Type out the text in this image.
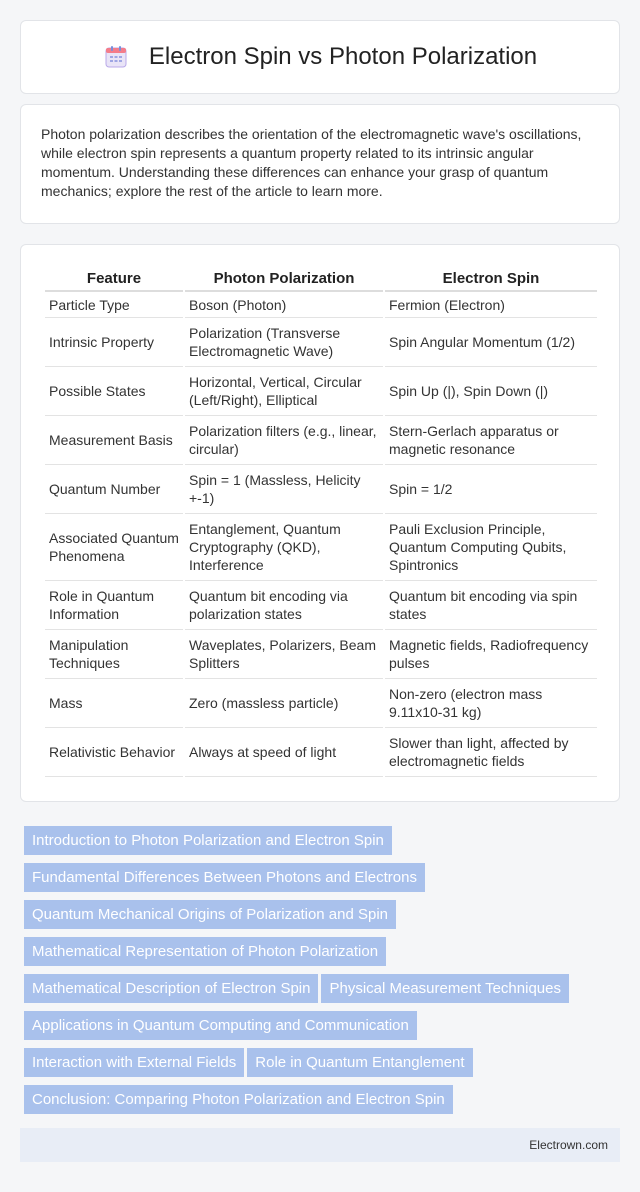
Electron Spin vs Photon Polarization

Photon polarization describes the orientation of the electromagnetic wave's oscillations, while electron spin represents a quantum property related to its intrinsic angular momentum. Understanding these differences can enhance your grasp of quantum mechanics; explore the rest of the article to learn more.

Feature	Photon Polarization	Electron Spin
Particle Type	Boson (Photon)	Fermion (Electron)
Intrinsic Property	Polarization (Transverse Electromagnetic Wave)	Spin Angular Momentum (1/2)
Possible States	Horizontal, Vertical, Circular (Left/Right), Elliptical	Spin Up (|), Spin Down (|)
Measurement Basis	Polarization filters (e.g., linear, circular)	Stern-Gerlach apparatus or magnetic resonance
Quantum Number	Spin = 1 (Massless, Helicity +-1)	Spin = 1/2
Associated Quantum Phenomena	Entanglement, Quantum Cryptography (QKD), Interference	Pauli Exclusion Principle, Quantum Computing Qubits, Spintronics
Role in Quantum Information	Quantum bit encoding via polarization states	Quantum bit encoding via spin states
Manipulation Techniques	Waveplates, Polarizers, Beam Splitters	Magnetic fields, Radiofrequency pulses
Mass	Zero (massless particle)	Non-zero (electron mass 9.11x10-31 kg)
Relativistic Behavior	Always at speed of light	Slower than light, affected by electromagnetic fields
Introduction to Photon Polarization and Electron Spin
Fundamental Differences Between Photons and Electrons
Quantum Mechanical Origins of Polarization and Spin
Mathematical Representation of Photon Polarization
Mathematical Description of Electron Spin Physical Measurement Techniques
Applications in Quantum Computing and Communication
Interaction with External Fields Role in Quantum Entanglement
Conclusion: Comparing Photon Polarization and Electron Spin
Electrown.com
